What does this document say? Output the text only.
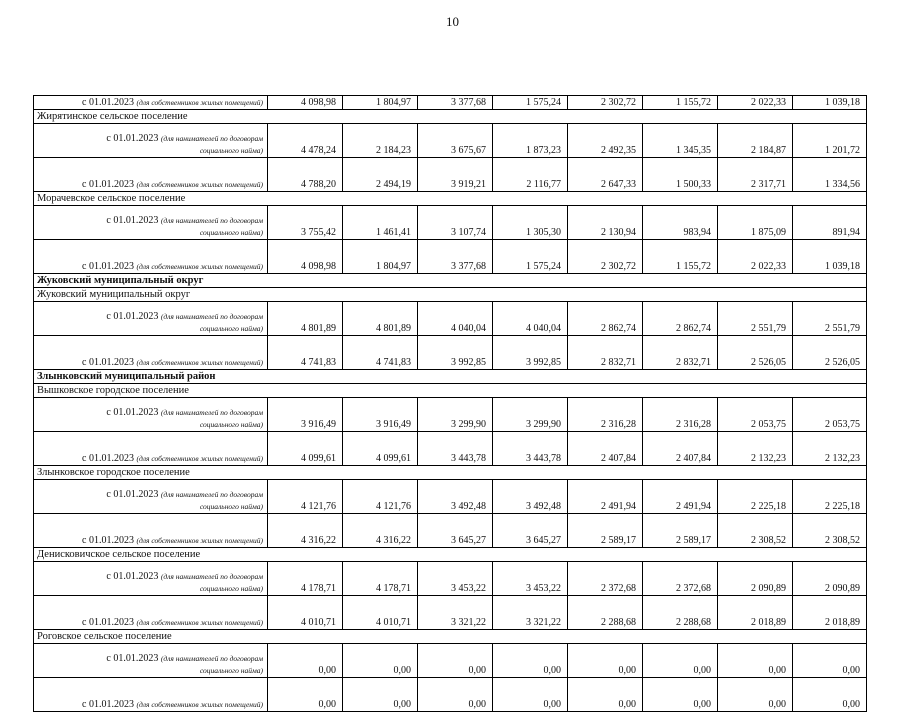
10
с 01.01.2023 (для собственников жилых помещений)	4 098,98	1 804,97	3 377,68	1 575,24	2 302,72	1 155,72	2 022,33	1 039,18
Жирятинское сельское поселение								

с 01.01.2023 (для нанимателей по договорам
социального найма)	4 478,24	2 184,23	3 675,67	1 873,23	2 492,35	1 345,35	2 184,87	1 201,72

с 01.01.2023 (для собственников жилых помещений)	4 788,20	2 494,19	3 919,21	2 116,77	2 647,33	1 500,33	2 317,71	1 334,56
Морачевское сельское поселение								

с 01.01.2023 (для нанимателей по договорам
социального найма)	3 755,42	1 461,41	3 107,74	1 305,30	2 130,94	983,94	1 875,09	891,94

с 01.01.2023 (для собственников жилых помещений)	4 098,98	1 804,97	3 377,68	1 575,24	2 302,72	1 155,72	2 022,33	1 039,18
Жуковский муниципальный округ								
Жуковский муниципальный округ								

с 01.01.2023 (для нанимателей по договорам
социального найма)	4 801,89	4 801,89	4 040,04	4 040,04	2 862,74	2 862,74	2 551,79	2 551,79

с 01.01.2023 (для собственников жилых помещений)	4 741,83	4 741,83	3 992,85	3 992,85	2 832,71	2 832,71	2 526,05	2 526,05
Злынковский муниципальный район								
Вышковское городское поселение								

с 01.01.2023 (для нанимателей по договорам
социального найма)	3 916,49	3 916,49	3 299,90	3 299,90	2 316,28	2 316,28	2 053,75	2 053,75

с 01.01.2023 (для собственников жилых помещений)	4 099,61	4 099,61	3 443,78	3 443,78	2 407,84	2 407,84	2 132,23	2 132,23
Злынковское городское поселение								

с 01.01.2023 (для нанимателей по договорам
социального найма)	4 121,76	4 121,76	3 492,48	3 492,48	2 491,94	2 491,94	2 225,18	2 225,18

с 01.01.2023 (для собственников жилых помещений)	4 316,22	4 316,22	3 645,27	3 645,27	2 589,17	2 589,17	2 308,52	2 308,52
Денисковичское сельское поселение								

с 01.01.2023 (для нанимателей по договорам
социального найма)	4 178,71	4 178,71	3 453,22	3 453,22	2 372,68	2 372,68	2 090,89	2 090,89

с 01.01.2023 (для собственников жилых помещений)	4 010,71	4 010,71	3 321,22	3 321,22	2 288,68	2 288,68	2 018,89	2 018,89
Роговское сельское поселение								

с 01.01.2023 (для нанимателей по договорам
социального найма)	0,00	0,00	0,00	0,00	0,00	0,00	0,00	0,00

с 01.01.2023 (для собственников жилых помещений)	0,00	0,00	0,00	0,00	0,00	0,00	0,00	0,00
